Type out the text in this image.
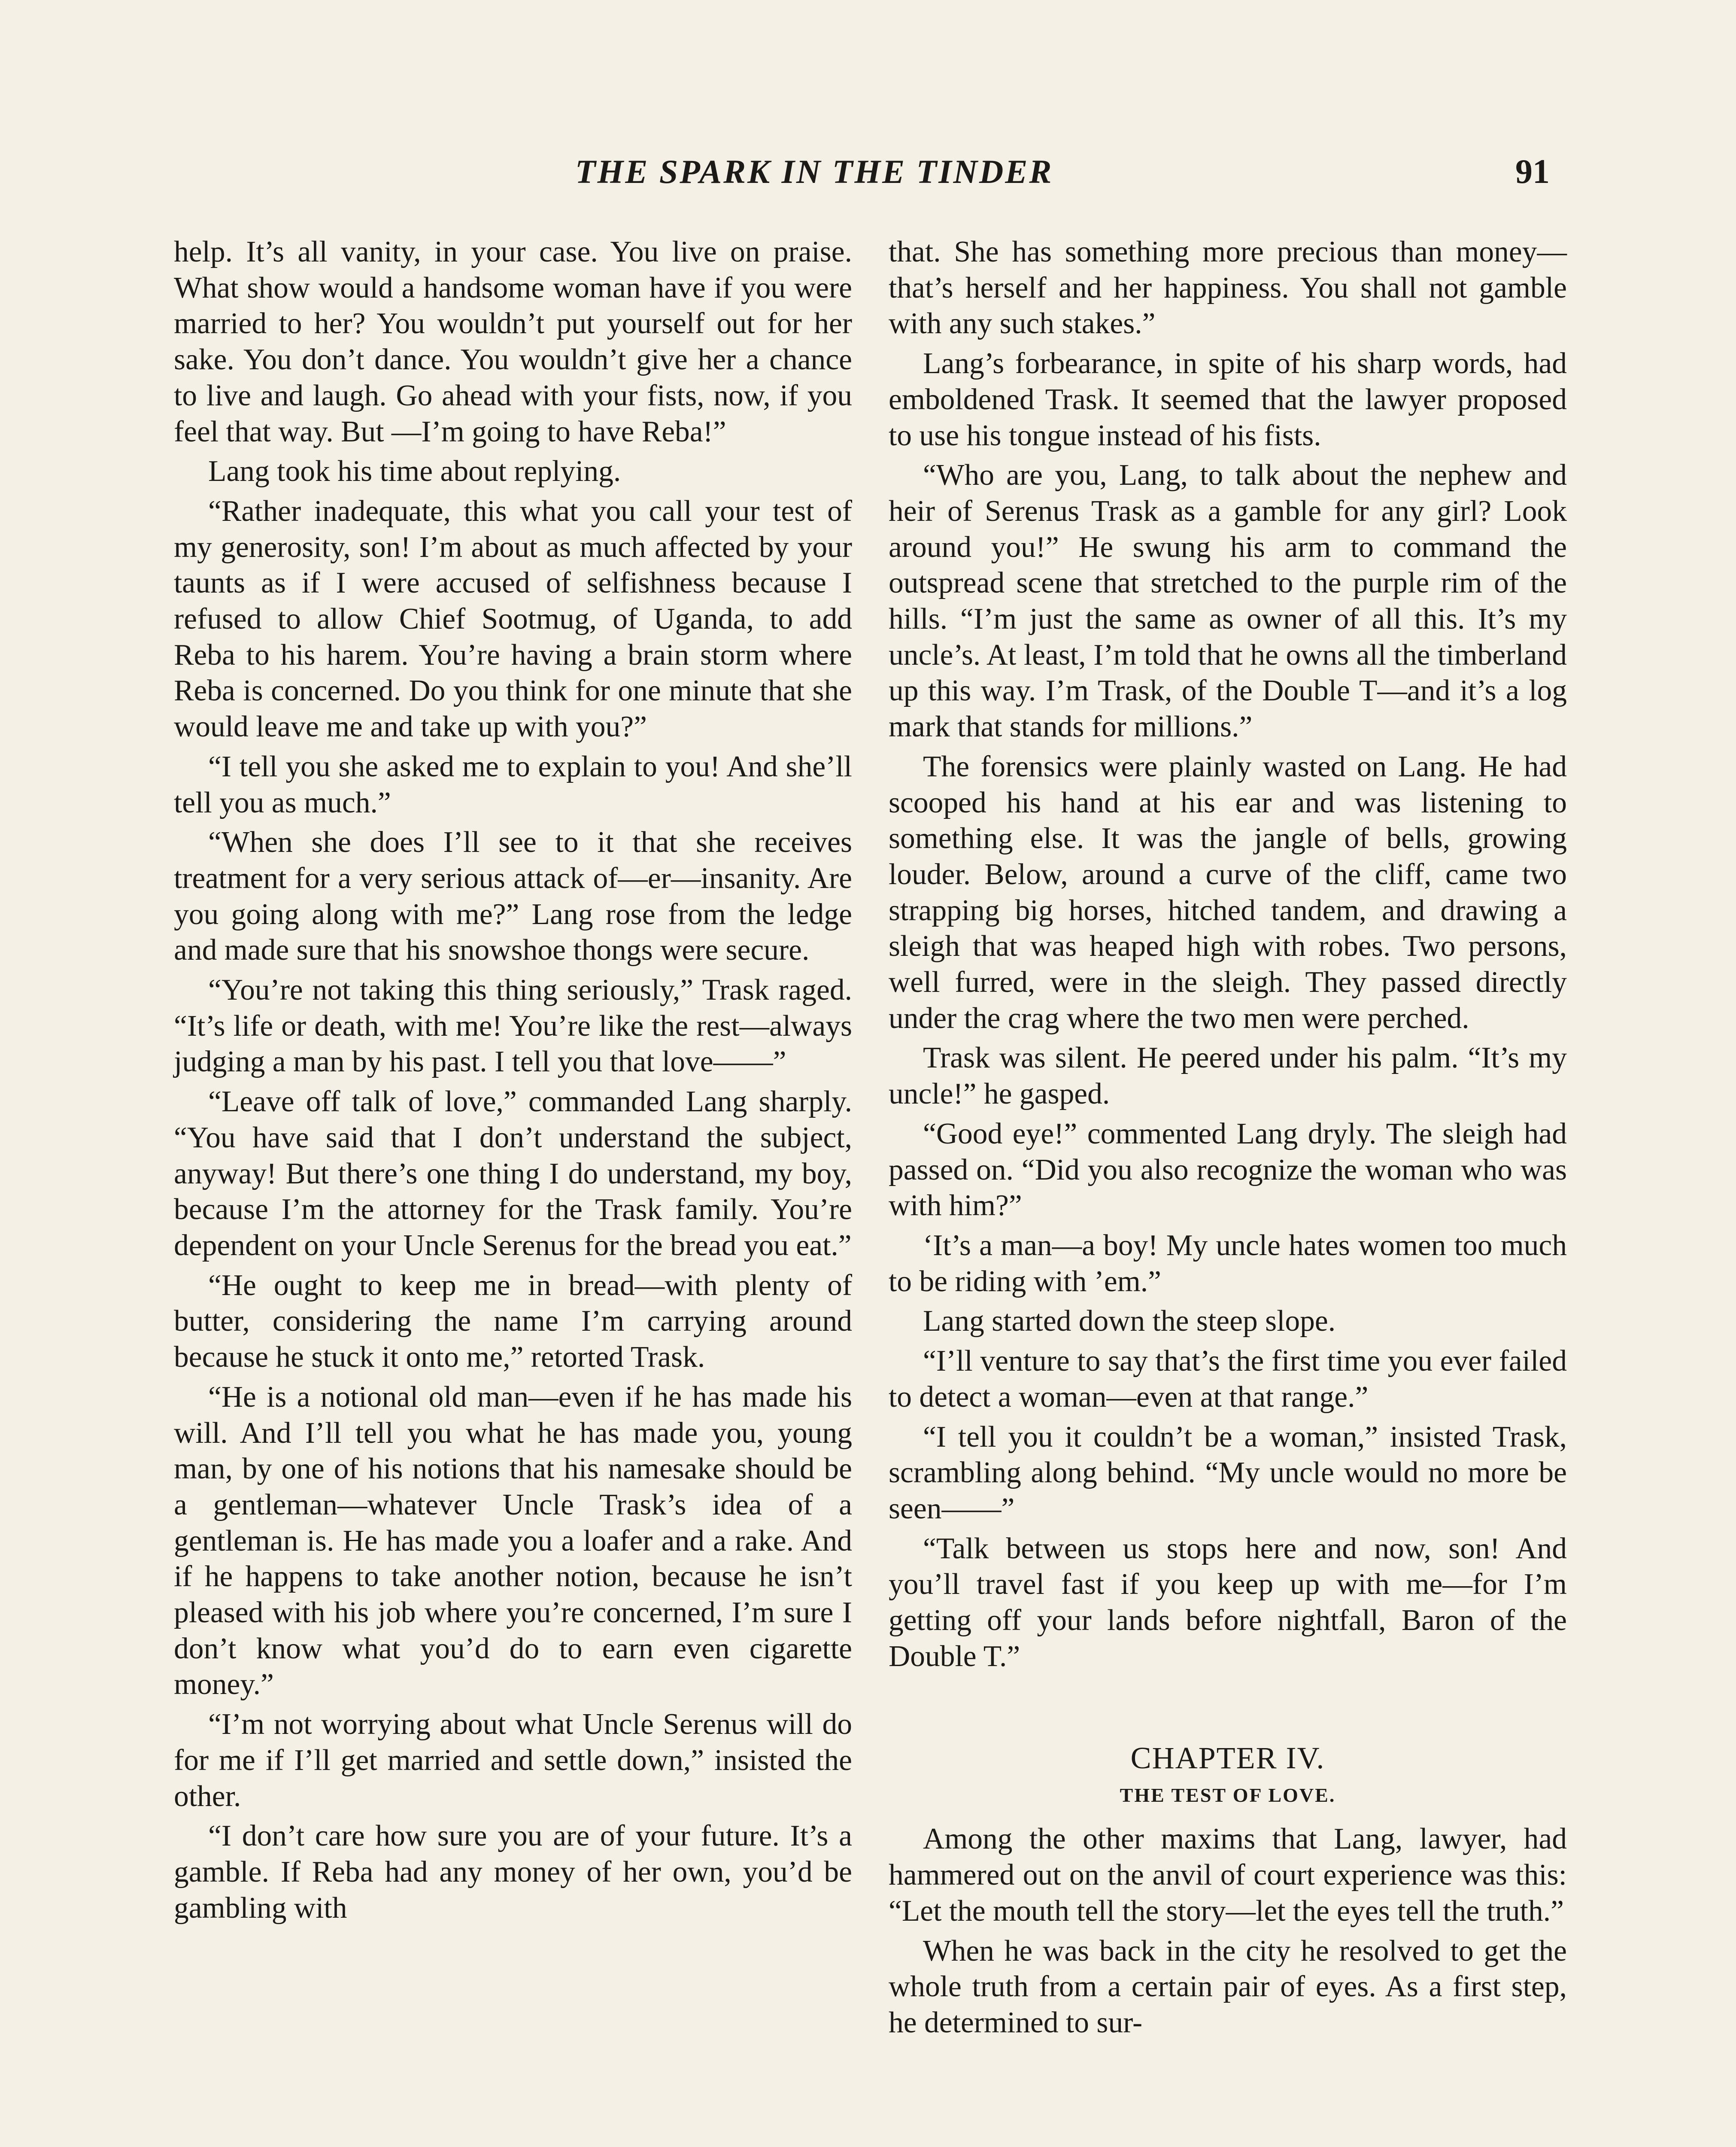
THE SPARK IN THE TINDER	91

help. It’s all vanity, in your case. You live on praise. What show would a handsome woman have if you were married to her? You wouldn’t put yourself out for her sake. You don’t dance. You wouldn’t give her a chance to live and laugh. Go ahead with your fists, now, if you feel that way. But —I’m going to have Reba!”

Lang took his time about replying.

“Rather inadequate, this what you call your test of my generosity, son! I’m about as much affected by your taunts as if I were accused of selfishness because I refused to allow Chief Sootmug, of Uganda, to add Reba to his harem. You’re having a brain storm where Reba is concerned. Do you think for one minute that she would leave me and take up with you?”

“I tell you she asked me to explain to you! And she’ll tell you as much.”

“When she does I’ll see to it that she receives treatment for a very serious attack of—er—insanity. Are you going along with me?” Lang rose from the ledge and made sure that his snowshoe thongs were secure.

“You’re not taking this thing seriously,” Trask raged. “It’s life or death, with me! You’re like the rest—always judging a man by his past. I tell you that love——”

“Leave off talk of love,” commanded Lang sharply. “You have said that I don’t understand the subject, anyway! But there’s one thing I do understand, my boy, because I’m the attorney for the Trask family. You’re dependent on your Uncle Serenus for the bread you eat.”

“He ought to keep me in bread—with plenty of butter, considering the name I’m carrying around because he stuck it onto me,” retorted Trask.

“He is a notional old man—even if he has made his will. And I’ll tell you what he has made you, young man, by one of his notions that his namesake should be a gentleman—whatever Uncle Trask’s idea of a gentleman is. He has made you a loafer and a rake. And if he happens to take another notion, because he isn’t pleased with his job where you’re concerned, I’m sure I don’t know what you’d do to earn even cigarette money.”

“I’m not worrying about what Uncle Serenus will do for me if I’ll get married and settle down,” insisted the other.

“I don’t care how sure you are of your future. It’s a gamble. If Reba had any money of her own, you’d be gambling with

that. She has something more precious than money—that’s herself and her happiness. You shall not gamble with any such stakes.”

Lang’s forbearance, in spite of his sharp words, had emboldened Trask. It seemed that the lawyer proposed to use his tongue instead of his fists.

“Who are you, Lang, to talk about the nephew and heir of Serenus Trask as a gamble for any girl? Look around you!” He swung his arm to command the outspread scene that stretched to the purple rim of the hills. “I’m just the same as owner of all this. It’s my uncle’s. At least, I’m told that he owns all the timberland up this way. I’m Trask, of the Double T—and it’s a log mark that stands for millions.”

The forensics were plainly wasted on Lang. He had scooped his hand at his ear and was listening to something else. It was the jangle of bells, growing louder. Below, around a curve of the cliff, came two strapping big horses, hitched tandem, and drawing a sleigh that was heaped high with robes. Two persons, well furred, were in the sleigh. They passed directly under the crag where the two men were perched.

Trask was silent. He peered under his palm. “It’s my uncle!” he gasped.

“Good eye!” commented Lang dryly. The sleigh had passed on. “Did you also recognize the woman who was with him?”

‘It’s a man—a boy! My uncle hates women too much to be riding with ’em.”

Lang started down the steep slope.

“I’ll venture to say that’s the first time you ever failed to detect a woman—even at that range.”

“I tell you it couldn’t be a woman,” insisted Trask, scrambling along behind. “My uncle would no more be seen——”

“Talk between us stops here and now, son! And you’ll travel fast if you keep up with me—for I’m getting off your lands before nightfall, Baron of the Double T.”

CHAPTER IV.
THE TEST OF LOVE.

Among the other maxims that Lang, lawyer, had hammered out on the anvil of court experience was this: “Let the mouth tell the story—let the eyes tell the truth.”

When he was back in the city he resolved to get the whole truth from a certain pair of eyes. As a first step, he determined to sur-
